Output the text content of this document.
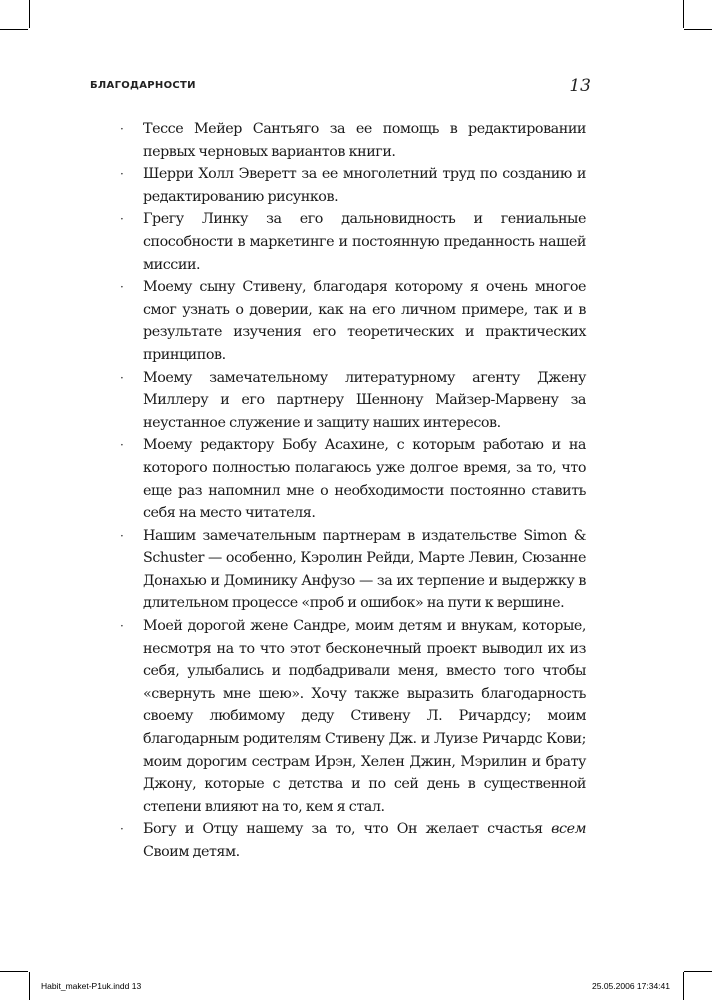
БЛАГОДАРНОСТИ	13
·	Тессе Мейер Сантьяго за ее помощь в редактировании первых черновых вариантов книги.
·	Шерри Холл Эверетт за ее многолетний труд по созданию и редактированию рисунков.
·	Грегу Линку за его дальновидность и гениальные способности в маркетинге и постоянную преданность нашей миссии.
·	Моему сыну Стивену, благодаря которому я очень многое смог узнать о доверии, как на его личном примере, так и в результате изучения его теоретических и практических принципов.
·	Моему замечательному литературному агенту Джену Миллеру и его партнеру Шеннону Майзер-Марвену за неустанное служение и защиту наших интересов.
·	Моему редактору Бобу Асахине, с которым работаю и на которого полностью полагаюсь уже долгое время, за то, что еще раз напомнил мне о необходимости постоянно ставить себя на место читателя.
·	Нашим замечательным партнерам в издательстве Simon & Schuster — особенно, Кэролин Рейди, Марте Левин, Сюзанне Донахью и Доминику Анфузо — за их терпение и выдержку в длительном процессе «проб и ошибок» на пути к вершине.
·	Моей дорогой жене Сандре, моим детям и внукам, которые, несмотря на то что этот бесконечный проект выводил их из себя, улыбались и подбадривали меня, вместо того чтобы «свернуть мне шею». Хочу также выразить благодарность своему любимому деду Стивену Л. Ричардсу; моим благодарным родителям Стивену Дж. и Луизе Ричардс Кови; моим дорогим сестрам Ирэн, Хелен Джин, Мэрилин и брату Джону, которые с детства и по сей день в существенной степени влияют на то, кем я стал.
·	Богу и Отцу нашему за то, что Он желает счастья всем Своим детям.
Habit_maket-P1uk.indd 13	25.05.2006 17:34:41
